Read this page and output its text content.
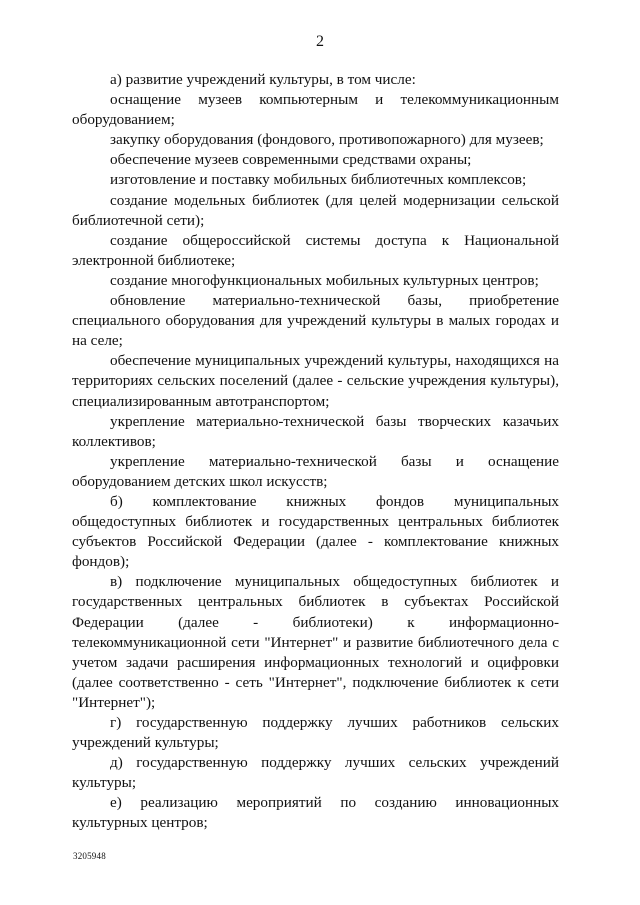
2

а) развитие учреждений культуры, в том числе:

оснащение музеев компьютерным и телекоммуникационным оборудованием;

закупку оборудования (фондового, противопожарного) для музеев;

обеспечение музеев современными средствами охраны;

изготовление и поставку мобильных библиотечных комплексов;

создание модельных библиотек (для целей модернизации сельской библиотечной сети);

создание общероссийской системы доступа к Национальной электронной библиотеке;

создание многофункциональных мобильных культурных центров;

обновление материально-технической базы, приобретение специального оборудования для учреждений культуры в малых городах и на селе;

обеспечение муниципальных учреждений культуры, находящихся на территориях сельских поселений (далее - сельские учреждения культуры), специализированным автотранспортом;

укрепление материально-технической базы творческих казачьих коллективов;

укрепление материально-технической базы и оснащение оборудованием детских школ искусств;

б) комплектование книжных фондов муниципальных общедоступных библиотек и государственных центральных библиотек субъектов Российской Федерации (далее - комплектование книжных фондов);

в) подключение муниципальных общедоступных библиотек и государственных центральных библиотек в субъектах Российской Федерации (далее - библиотеки) к информационно-телекоммуникационной сети "Интернет" и развитие библиотечного дела с учетом задачи расширения информационных технологий и оцифровки (далее соответственно - сеть "Интернет", подключение библиотек к сети "Интернет");

г) государственную поддержку лучших работников сельских учреждений культуры;

д) государственную поддержку лучших сельских учреждений культуры;

е) реализацию мероприятий по созданию инновационных культурных центров;

3205948
